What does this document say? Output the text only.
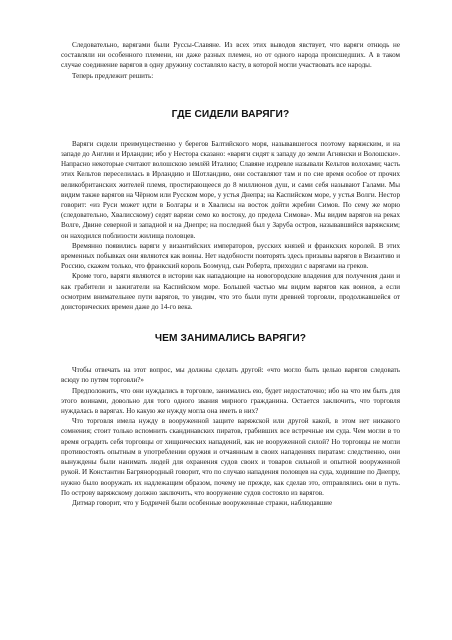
Следовательно, варягами были Руссы-Славяне. Из всех этих выводов явствует, что варяги отнюдь не составляли ни особенного племени, ни даже разных племен, но от одного народа происшедших. А в таком случае соединение варягов в одну дружину составляло касту, в которой могли участвовать все народы.

Теперь предлежит решить:

ГДЕ СИДЕЛИ ВАРЯГИ?

Варяги сидели преимущественно у берегов Балтийского моря, называвшегося поэтому варяжским, и на западе до Англии и Ирландии; ибо у Нестора сказано: «варяги сидят к западу до земли Агнянски и Волошски». Напрасно некоторые считают волошскою землёй Италию; Славяне издревле называли Кельтов волохами; часть этих Кельтов переселилась в Ирландию и Шотландию, они составляют там и по сие время особое от прочих великобританских жителей племя, простирающееся до 8 миллионов душ, и сами себя называют Галами. Мы видим также варягов на Чёрном или Русском море, у устья Днепра; на Каспийском море, у устья Волги. Нестор говорит: «из Руси может идти в Болгары и в Хвалисы на восток дойти жребии Симов. По сему же морю (следовательно, Хвалисскому) седят варязи семо ко востоку, до предела Симова». Мы видим варягов на реках Волге, Двине северной и западной и на Днепре; на последней был у Заруба остров, называвшийся варяжским; он находился поблизости жилища половцев.

Времянно появились варяги у византийских императоров, русских князей и франкских королей. В этих временных побывках они являются как воины. Нет надобности повторять здесь призывы варягов в Византию и Россию, скажем только, что франкский король Боэмунд, сын Роберта, приходил с варягами на греков.

Кроме того, варяги являются в истории как нападающие на новогородские владения для получения дани и как грабители и зажигатели на Каспийском море. Большей частью мы видим варягов как воинов, а если осмотрим внимательнее пути варягов, то увидим, что это были пути древней торговли, продолжавшейся от доисторических времен даже до 14-го века.

ЧЕМ ЗАНИМАЛИСЬ ВАРЯГИ?

Чтобы отвечать на этот вопрос, мы должны сделать другой: «что могло быть целью варягов следовать всюду по путям торговли?»

Предположить, что они нуждались в торговле, занимались ею, будет недостаточно; ибо на что им быть для этого воинами, довольно для того одного звания мирного гражданина. Остается заключить, что торговля нуждалась в варягах. Но какую же нужду могла она иметь в них?

Что торговля имела нужду в вооруженной защите варяжской или другой какой, в этом нет никакого сомнения; стоит только вспомнить скандинавских пиратов, грабивших все встречные им суда. Чем могли в то время оградить себя торговцы от хищнических нападений, как не вооруженной силой? Но торговцы не могли противостоять опытным в употреблении оружия и отчаянным в своих нападениях пиратам: следственно, они вынуждены были нанимать людей для охранения судов своих и товаров сильной и опытной вооруженной рукой. И Константин Багрянородный говорит, что по случаю нападения половцев на суда, ходившие по Днепру, нужно было вооружать их надлежащим образом, почему не прежде, как сделав это, отправлялись они в путь. По острову варяжскому должно заключить, что вооружение судов состояло из варягов.

Дитмар говорит, что у Бодричей были особенные вооруженные стражи, наблюдавшие
